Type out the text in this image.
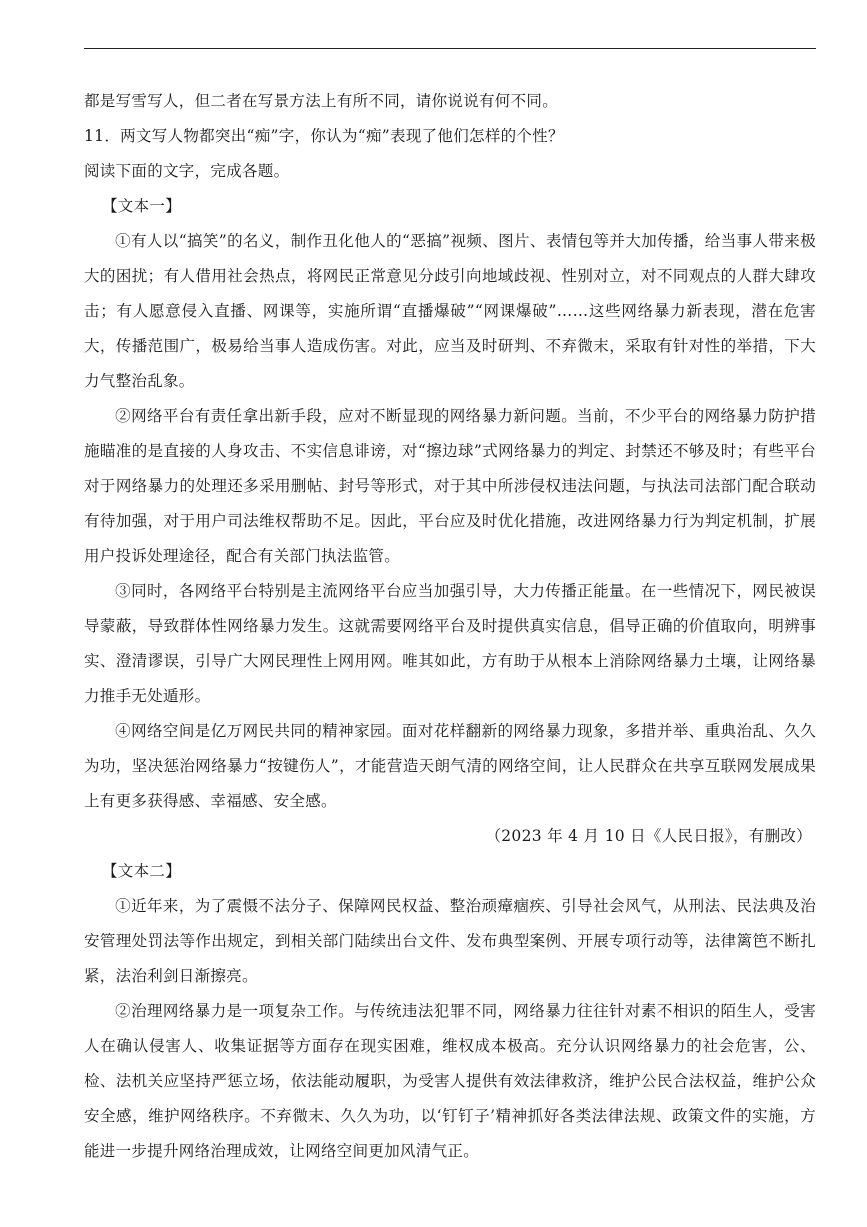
都是写雪写人，但二者在写景方法上有所不同，请你说说有何不同。

11．两文写人物都突出“痴”字，你认为“痴”表现了他们怎样的个性？

阅读下面的文字，完成各题。

【文本一】

①有人以“搞笑”的名义，制作丑化他人的“恶搞”视频、图片、表情包等并大加传播，给当事人带来极大的困扰；有人借用社会热点，将网民正常意见分歧引向地域歧视、性别对立，对不同观点的人群大肆攻击；有人愿意侵入直播、网课等，实施所谓“直播爆破”“网课爆破”……这些网络暴力新表现，潜在危害大，传播范围广，极易给当事人造成伤害。对此，应当及时研判、不弃微末，采取有针对性的举措，下大力气整治乱象。

②网络平台有责任拿出新手段，应对不断显现的网络暴力新问题。当前，不少平台的网络暴力防护措施瞄准的是直接的人身攻击、不实信息诽谤，对“擦边球”式网络暴力的判定、封禁还不够及时；有些平台对于网络暴力的处理还多采用删帖、封号等形式，对于其中所涉侵权违法问题，与执法司法部门配合联动有待加强，对于用户司法维权帮助不足。因此，平台应及时优化措施，改进网络暴力行为判定机制，扩展用户投诉处理途径，配合有关部门执法监管。

③同时，各网络平台特别是主流网络平台应当加强引导，大力传播正能量。在一些情况下，网民被误导蒙蔽，导致群体性网络暴力发生。这就需要网络平台及时提供真实信息，倡导正确的价值取向，明辨事实、澄清谬误，引导广大网民理性上网用网。唯其如此，方有助于从根本上消除网络暴力土壤，让网络暴力推手无处遁形。

④网络空间是亿万网民共同的精神家园。面对花样翻新的网络暴力现象，多措并举、重典治乱、久久为功，坚决惩治网络暴力“按键伤人”，才能营造天朗气清的网络空间，让人民群众在共享互联网发展成果上有更多获得感、幸福感、安全感。

（2023 年 4 月 10 日《人民日报》，有删改）

【文本二】

①近年来，为了震慑不法分子、保障网民权益、整治顽瘴痼疾、引导社会风气，从刑法、民法典及治安管理处罚法等作出规定，到相关部门陆续出台文件、发布典型案例、开展专项行动等，法律篱笆不断扎紧，法治利剑日渐擦亮。

②治理网络暴力是一项复杂工作。与传统违法犯罪不同，网络暴力往往针对素不相识的陌生人，受害人在确认侵害人、收集证据等方面存在现实困难，维权成本极高。充分认识网络暴力的社会危害，公、检、法机关应坚持严惩立场，依法能动履职，为受害人提供有效法律救济，维护公民合法权益，维护公众安全感，维护网络秩序。不弃微末、久久为功，以‘钉钉子’精神抓好各类法律法规、政策文件的实施，方能进一步提升网络治理成效，让网络空间更加风清气正。
